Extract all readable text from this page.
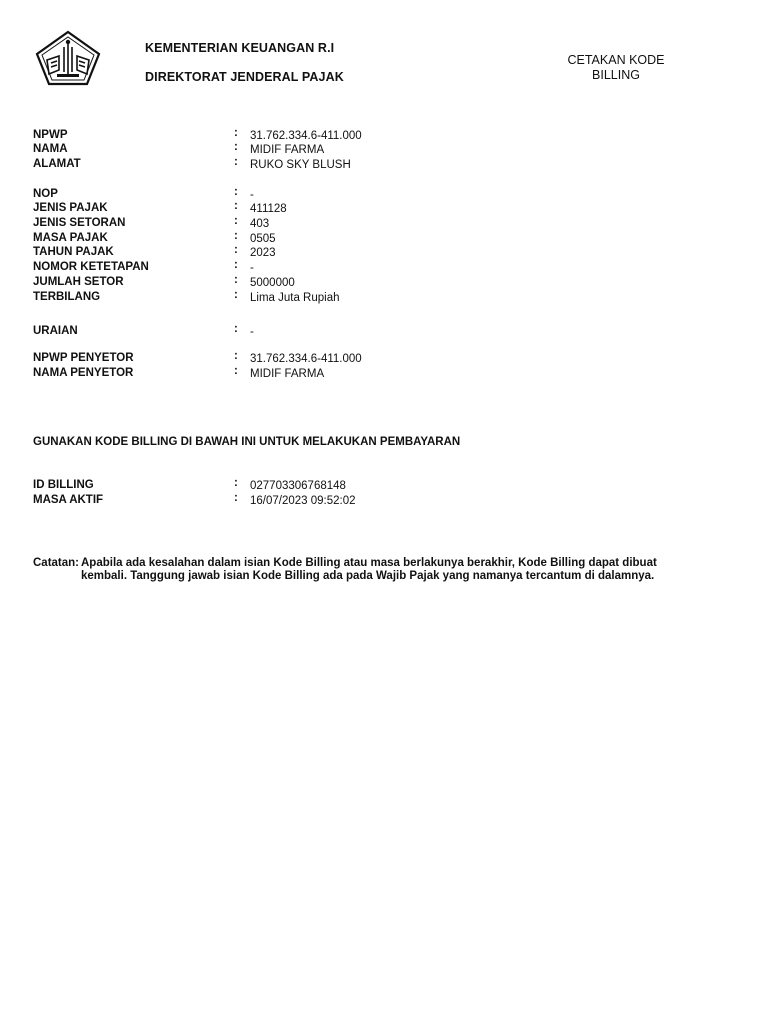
KEMENTERIAN KEUANGAN R.I
DIREKTORAT JENDERAL PAJAK
CETAKAN KODE
BILLING
NPWP	: 31.762.334.6-411.000
NAMA	: MIDIF FARMA
ALAMAT	: RUKO SKY BLUSH
NOP	: -
JENIS PAJAK	: 411128
JENIS SETORAN	: 403
MASA PAJAK	: 0505
TAHUN PAJAK	: 2023
NOMOR KETETAPAN	: -
JUMLAH SETOR	: 5000000
TERBILANG	: Lima Juta Rupiah
URAIAN	: -
NPWP PENYETOR	: 31.762.334.6-411.000
NAMA PENYETOR	: MIDIF FARMA
GUNAKAN KODE BILLING DI BAWAH INI UNTUK MELAKUKAN PEMBAYARAN
ID BILLING	: 027703306768148
MASA AKTIF	: 16/07/2023 09:52:02
Catatan: Apabila ada kesalahan dalam isian Kode Billing atau masa berlakunya berakhir, Kode Billing dapat dibuat kembali. Tanggung jawab isian Kode Billing ada pada Wajib Pajak yang namanya tercantum di dalamnya.
